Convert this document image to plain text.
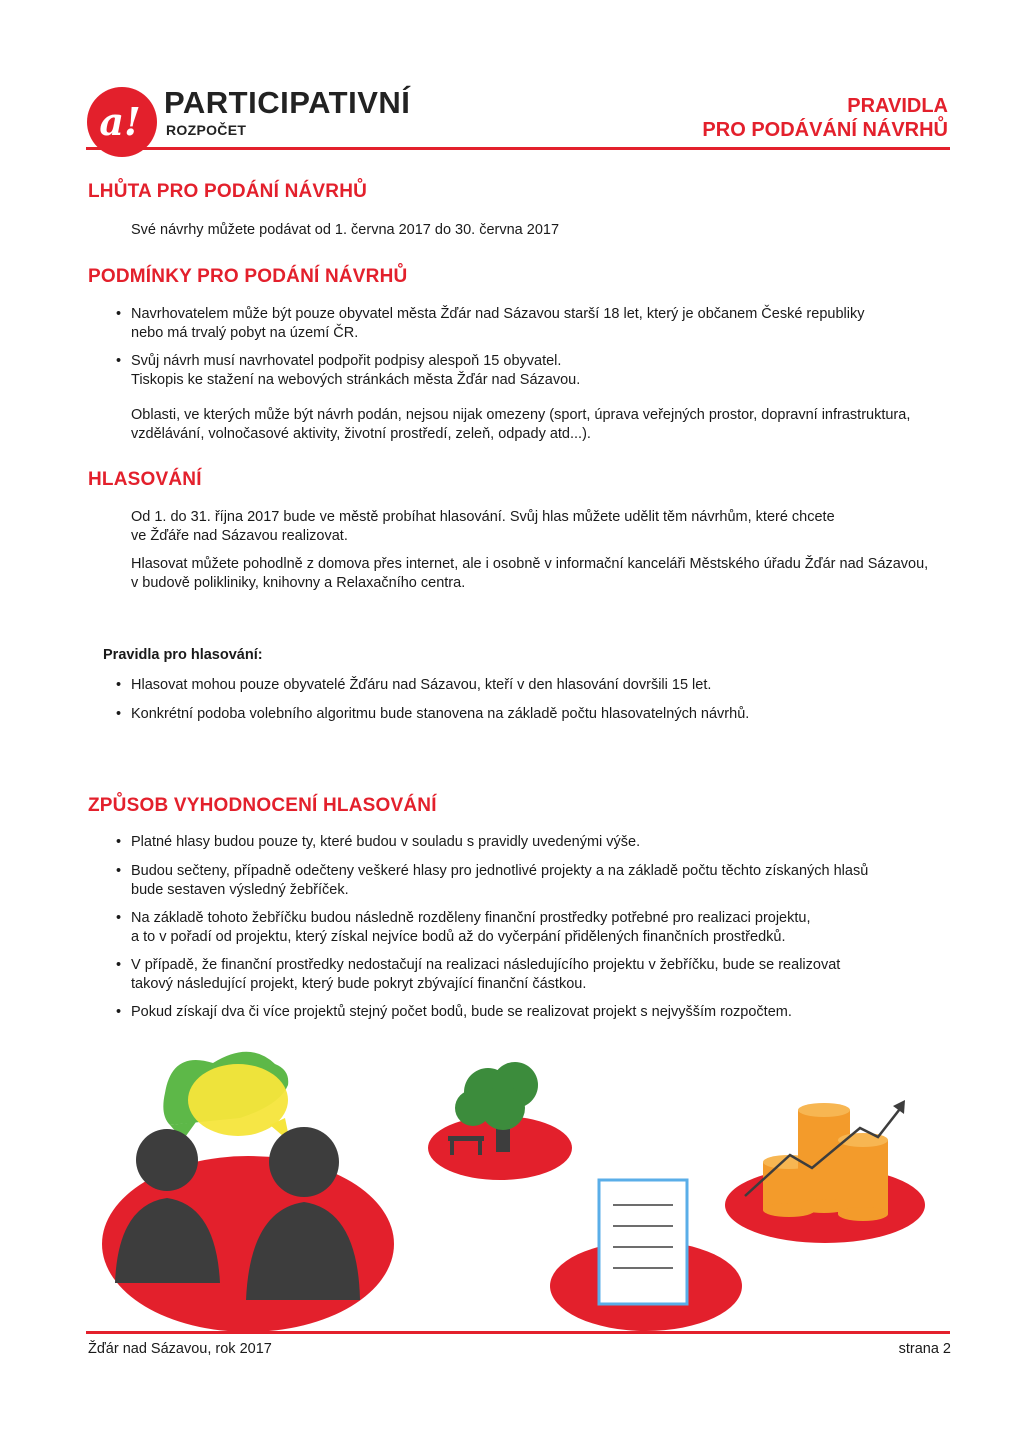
a! PARTICIPATIVNÍ
ROZPOČET
PRAVIDLA
PRO PODÁVÁNÍ NÁVRHŮ
LHŮTA PRO PODÁNÍ NÁVRHŮ

Své návrhy můžete podávat od 1. června 2017 do 30. června 2017

PODMÍNKY PRO PODÁNÍ NÁVRHŮ
• Navrhovatelem může být pouze obyvatel města Žďár nad Sázavou starší 18 let, který je občanem České republiky
nebo má trvalý pobyt na území ČR.
• Svůj návrh musí navrhovatel podpořit podpisy alespoň 15 obyvatel.
Tiskopis ke stažení na webových stránkách města Žďár nad Sázavou.

Oblasti, ve kterých může být návrh podán, nejsou nijak omezeny (sport, úprava veřejných prostor, dopravní infrastruktura,
vzdělávání, volnočasové aktivity, životní prostředí, zeleň, odpady atd...).

HLASOVÁNÍ

Od 1. do 31. října 2017 bude ve městě probíhat hlasování. Svůj hlas můžete udělit těm návrhům, které chcete
ve Žďáře nad Sázavou realizovat.

Hlasovat můžete pohodlně z domova přes internet, ale i osobně v informační kanceláři Městského úřadu Žďár nad Sázavou,
v budově polikliniky, knihovny a Relaxačního centra.

Pravidla pro hlasování:

• Hlasovat mohou pouze obyvatelé Žďáru nad Sázavou, kteří v den hlasování dovršili 15 let.
• Konkrétní podoba volebního algoritmu bude stanovena na základě počtu hlasovatelných návrhů.
ZPŮSOB VYHODNOCENÍ HLASOVÁNÍ
• Platné hlasy budou pouze ty, které budou v souladu s pravidly uvedenými výše.
• Budou sečteny, případně odečteny veškeré hlasy pro jednotlivé projekty a na základě počtu těchto získaných hlasů
bude sestaven výsledný žebříček.
• Na základě tohoto žebříčku budou následně rozděleny finanční prostředky potřebné pro realizaci projektu,
a to v pořadí od projektu, který získal nejvíce bodů až do vyčerpání přidělených finančních prostředků.
• V případě, že finanční prostředky nedostačují na realizaci následujícího projektu v žebříčku, bude se realizovat
takový následující projekt, který bude pokryt zbývající finanční částkou.
• Pokud získají dva či více projektů stejný počet bodů, bude se realizovat projekt s nejvyšším rozpočtem.
Žďár nad Sázavou, rok 2017	strana 2
